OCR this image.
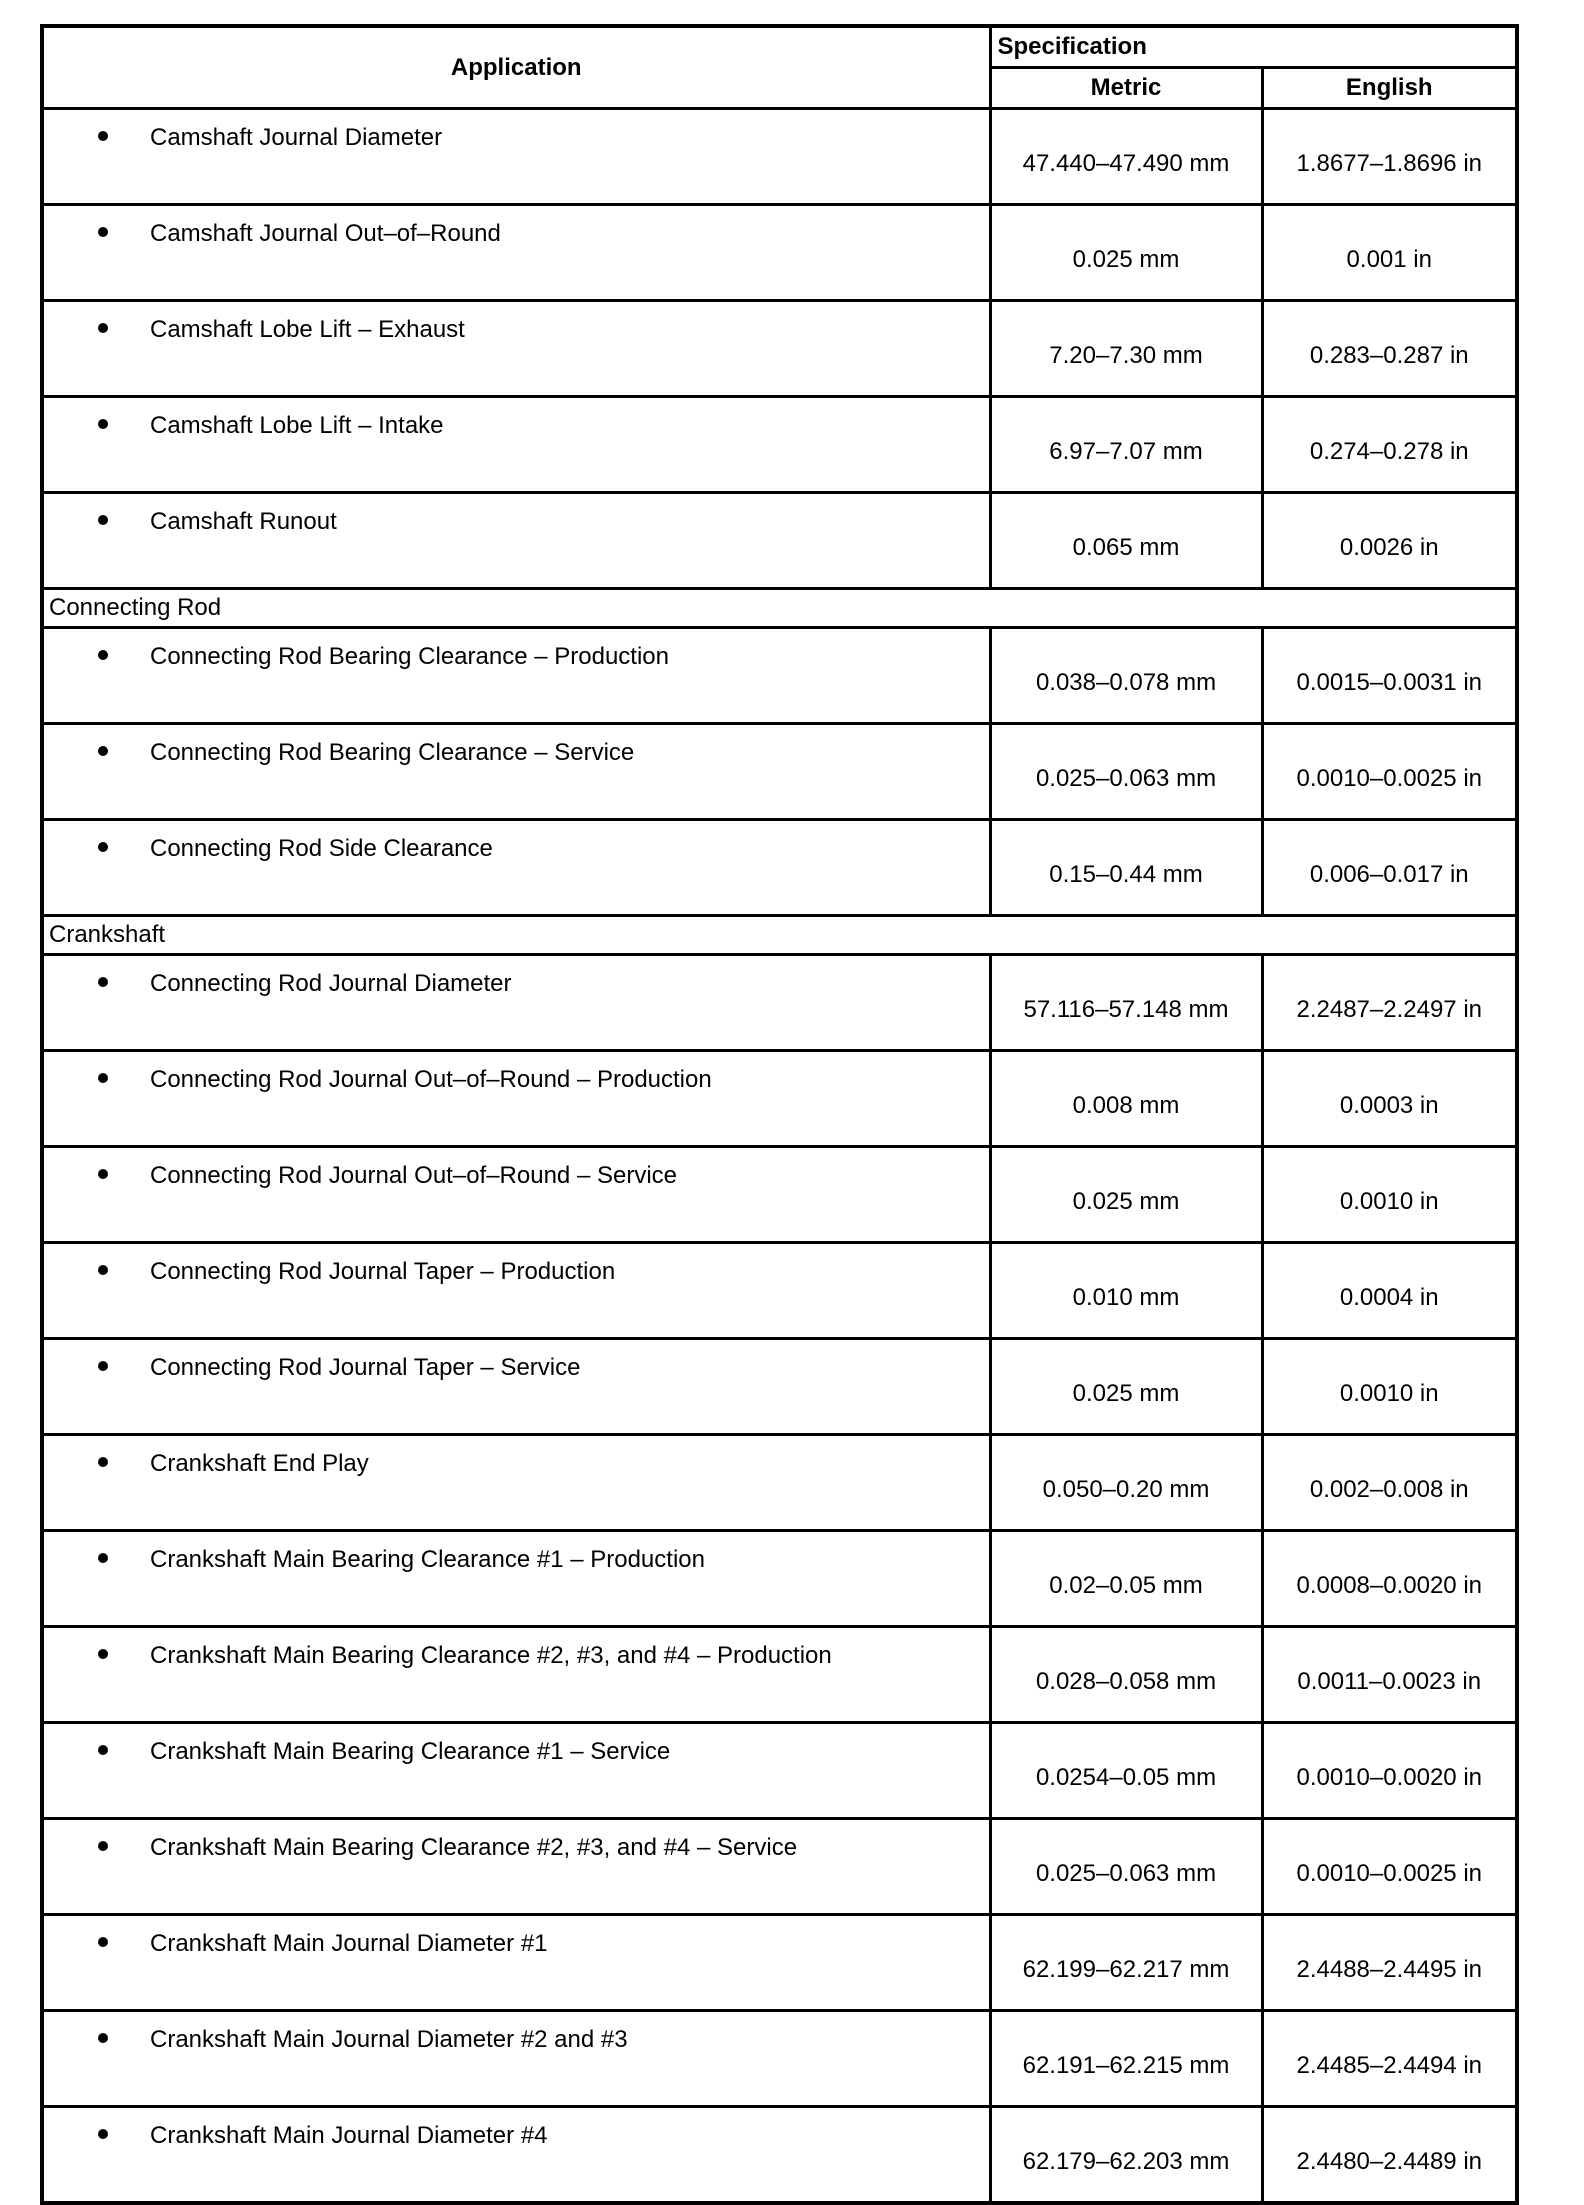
Application	Specification	
	Metric	English
Camshaft Journal Diameter	47.440–47.490 mm	1.8677–1.8696 in
Camshaft Journal Out–of–Round	0.025 mm	0.001 in
Camshaft Lobe Lift – Exhaust	7.20–7.30 mm	0.283–0.287 in
Camshaft Lobe Lift – Intake	6.97–7.07 mm	0.274–0.278 in
Camshaft Runout	0.065 mm	0.0026 in
Connecting Rod		
Connecting Rod Bearing Clearance – Production	0.038–0.078 mm	0.0015–0.0031 in
Connecting Rod Bearing Clearance – Service	0.025–0.063 mm	0.0010–0.0025 in
Connecting Rod Side Clearance	0.15–0.44 mm	0.006–0.017 in
Crankshaft		
Connecting Rod Journal Diameter	57.116–57.148 mm	2.2487–2.2497 in
Connecting Rod Journal Out–of–Round – Production	0.008 mm	0.0003 in
Connecting Rod Journal Out–of–Round – Service	0.025 mm	0.0010 in
Connecting Rod Journal Taper – Production	0.010 mm	0.0004 in
Connecting Rod Journal Taper – Service	0.025 mm	0.0010 in
Crankshaft End Play	0.050–0.20 mm	0.002–0.008 in
Crankshaft Main Bearing Clearance #1 – Production	0.02–0.05 mm	0.0008–0.0020 in
Crankshaft Main Bearing Clearance #2, #3, and #4 – Production	0.028–0.058 mm	0.0011–0.0023 in
Crankshaft Main Bearing Clearance #1 – Service	0.0254–0.05 mm	0.0010–0.0020 in
Crankshaft Main Bearing Clearance #2, #3, and #4 – Service	0.025–0.063 mm	0.0010–0.0025 in
Crankshaft Main Journal Diameter #1	62.199–62.217 mm	2.4488–2.4495 in
Crankshaft Main Journal Diameter #2 and #3	62.191–62.215 mm	2.4485–2.4494 in
Crankshaft Main Journal Diameter #4	62.179–62.203 mm	2.4480–2.4489 in
